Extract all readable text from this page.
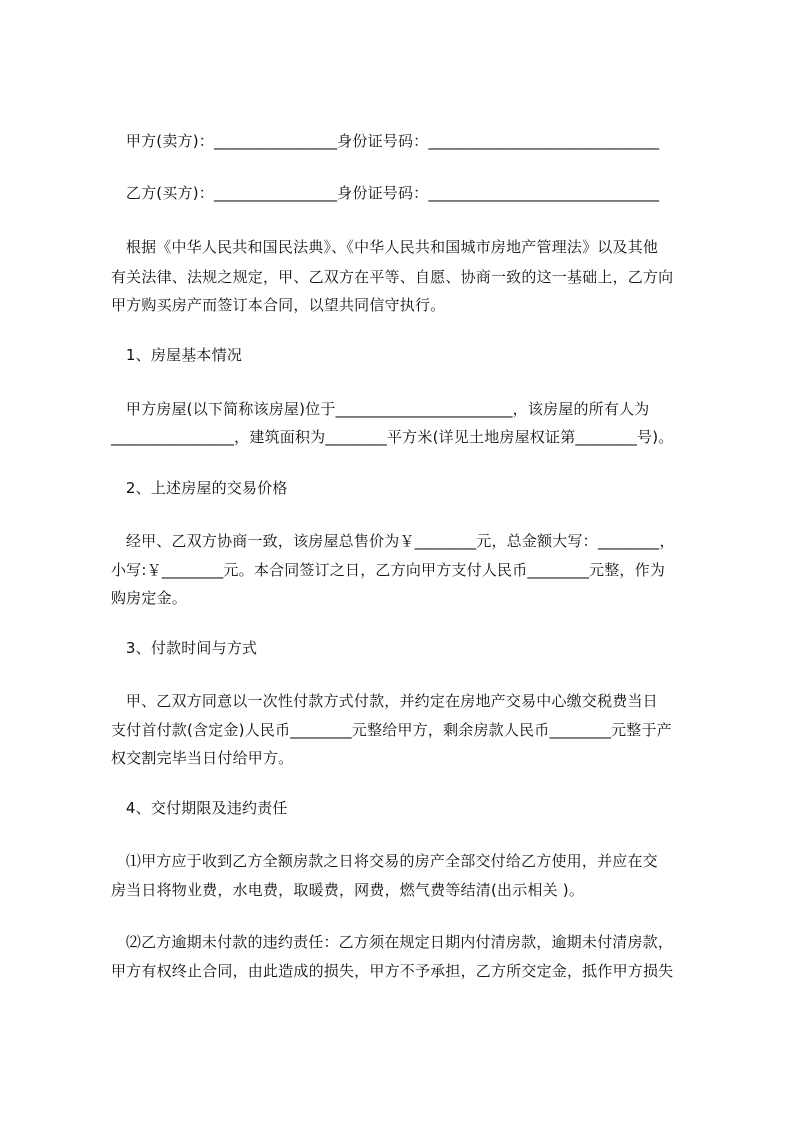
甲方(卖方)：________________身份证号码：______________________________
乙方(买方)：________________身份证号码：______________________________
根据《中华人民共和国民法典》、《中华人民共和国城市房地产管理法》以及其他
有关法律、法规之规定，甲、乙双方在平等、自愿、协商一致的这一基础上，乙方向
甲方购买房产而签订本合同，以望共同信守执行。
1、房屋基本情况
甲方房屋(以下简称该房屋)位于_______________________，该房屋的所有人为
________________，建筑面积为________平方米(详见土地房屋权证第________号)。
2、上述房屋的交易价格
经甲、乙双方协商一致，该房屋总售价为￥________元，总金额大写：________，
小写:￥________元。本合同签订之日，乙方向甲方支付人民币________元整，作为
购房定金。
3、付款时间与方式
甲、乙双方同意以一次性付款方式付款，并约定在房地产交易中心缴交税费当日
支付首付款(含定金)人民币________元整给甲方，剩余房款人民币________元整于产
权交割完毕当日付给甲方。
4、交付期限及违约责任
⑴甲方应于收到乙方全额房款之日将交易的房产全部交付给乙方使用，并应在交
房当日将物业费，水电费，取暖费，网费，燃气费等结清(出示相关 )。
⑵乙方逾期未付款的违约责任：乙方须在规定日期内付清房款，逾期未付清房款，
甲方有权终止合同，由此造成的损失，甲方不予承担，乙方所交定金，抵作甲方损失
